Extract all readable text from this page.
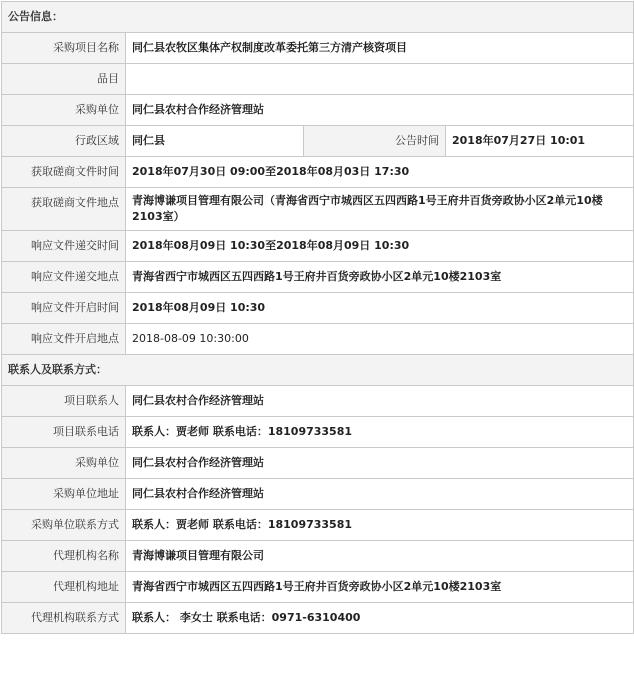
公告信息：			
采购项目名称	同仁县农牧区集体产权制度改革委托第三方清产核资项目		
品目			
采购单位	同仁县农村合作经济管理站		
行政区域	同仁县	公告时间	2018年07月27日 10:01
获取磋商文件时间	2018年07月30日 09:00至2018年08月03日 17:30		
获取磋商文件地点	青海博谦项目管理有限公司（青海省西宁市城西区五四西路1号王府井百货旁政协小区2单元10楼2103室）		
响应文件递交时间	2018年08月09日 10:30至2018年08月09日 10:30		
响应文件递交地点	青海省西宁市城西区五四西路1号王府井百货旁政协小区2单元10楼2103室		
响应文件开启时间	2018年08月09日 10:30		
响应文件开启地点	2018-08-09 10:30:00		
联系人及联系方式：			
项目联系人	同仁县农村合作经济管理站		
项目联系电话	联系人：贾老师 联系电话：18109733581		
采购单位	同仁县农村合作经济管理站		
采购单位地址	同仁县农村合作经济管理站		
采购单位联系方式	联系人：贾老师 联系电话：18109733581		
代理机构名称	青海博谦项目管理有限公司		
代理机构地址	青海省西宁市城西区五四西路1号王府井百货旁政协小区2单元10楼2103室		
代理机构联系方式	联系人： 李女士 联系电话：0971-6310400		
